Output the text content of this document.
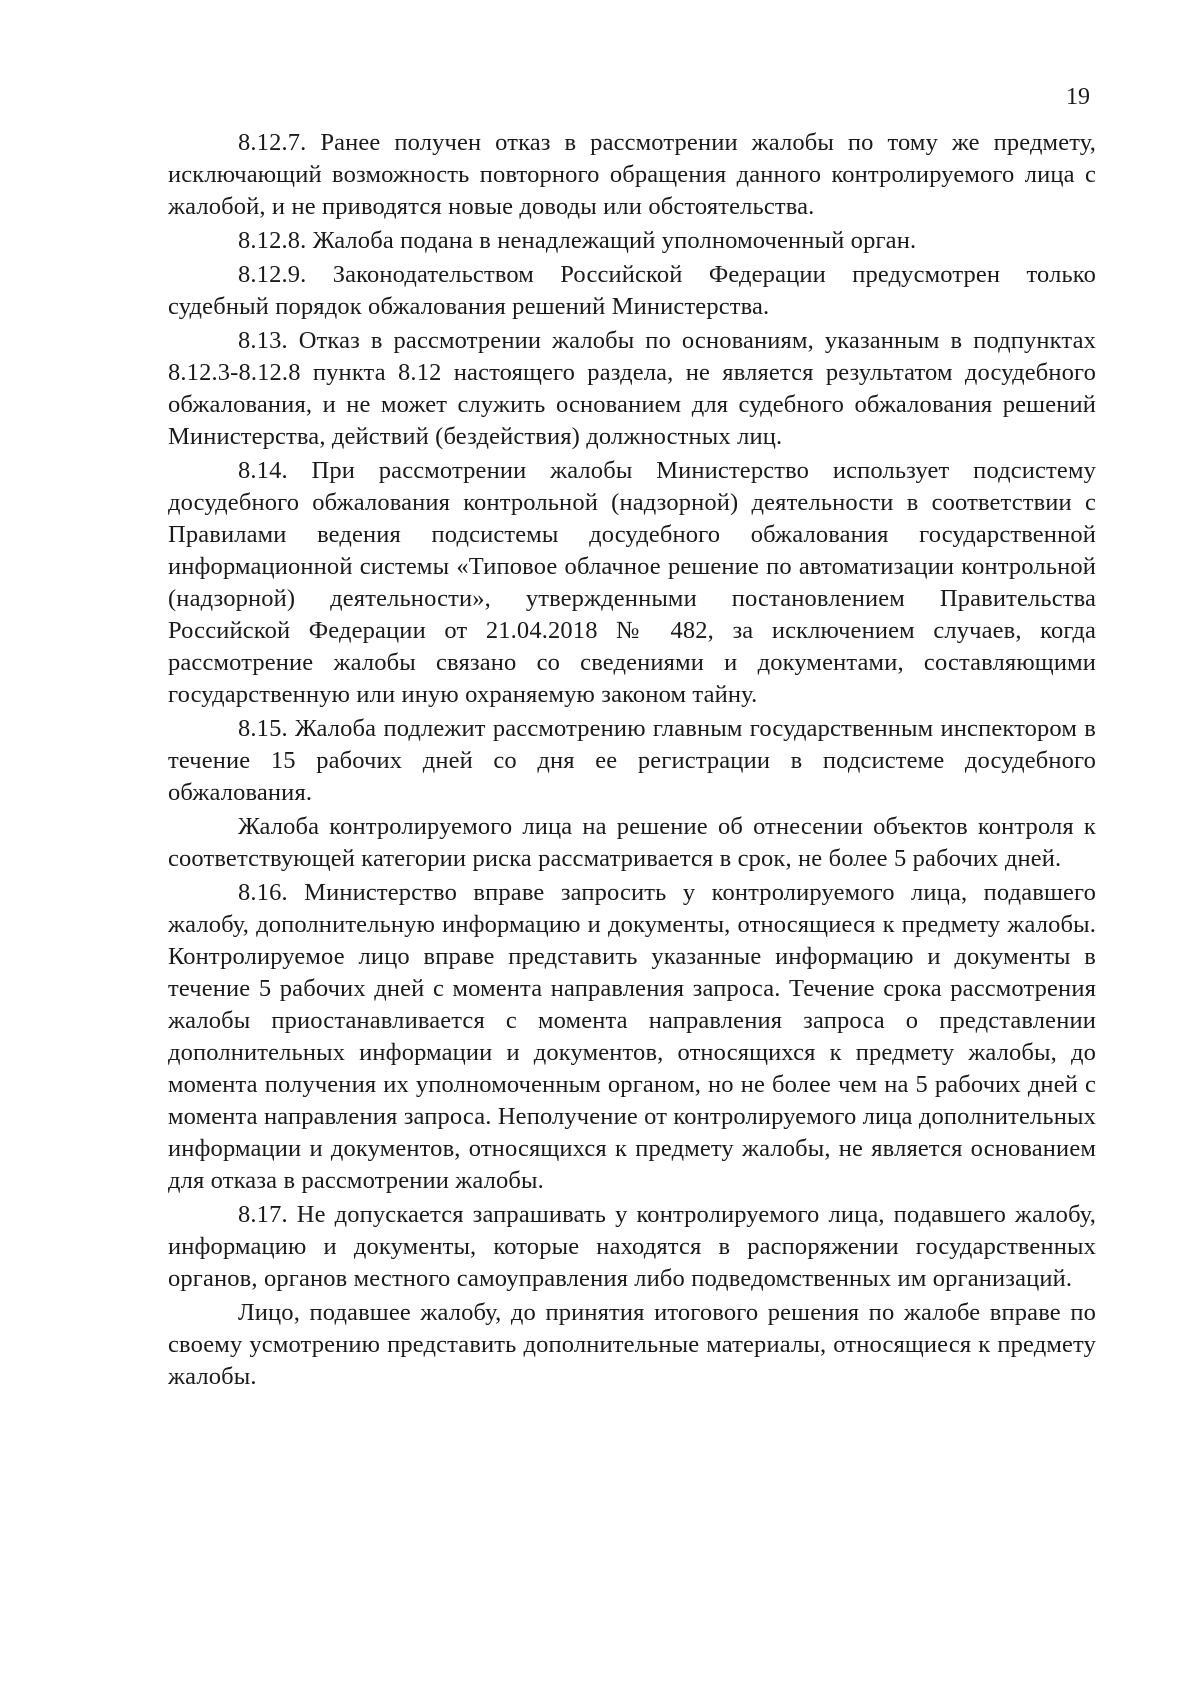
19

8.12.7. Ранее получен отказ в рассмотрении жалобы по тому же предмету, исключающий возможность повторного обращения данного контролируемого лица с жалобой, и не приводятся новые доводы или обстоятельства.

8.12.8. Жалоба подана в ненадлежащий уполномоченный орган.

8.12.9. Законодательством Российской Федерации предусмотрен только судебный порядок обжалования решений Министерства.

8.13. Отказ в рассмотрении жалобы по основаниям, указанным в подпунктах 8.12.3-8.12.8 пункта 8.12 настоящего раздела, не является результатом досудебного обжалования, и не может служить основанием для судебного обжалования решений Министерства, действий (бездействия) должностных лиц.

8.14. При рассмотрении жалобы Министерство использует подсистему досудебного обжалования контрольной (надзорной) деятельности в соответствии с Правилами ведения подсистемы досудебного обжалования государственной информационной системы «Типовое облачное решение по автоматизации контрольной (надзорной) деятельности», утвержденными постановлением Правительства Российской Федерации от 21.04.2018 № 482, за исключением случаев, когда рассмотрение жалобы связано со сведениями и документами, составляющими государственную или иную охраняемую законом тайну.

8.15. Жалоба подлежит рассмотрению главным государственным инспектором в течение 15 рабочих дней со дня ее регистрации в подсистеме досудебного обжалования.

Жалоба контролируемого лица на решение об отнесении объектов контроля к соответствующей категории риска рассматривается в срок, не более 5 рабочих дней.

8.16. Министерство вправе запросить у контролируемого лица, подавшего жалобу, дополнительную информацию и документы, относящиеся к предмету жалобы. Контролируемое лицо вправе представить указанные информацию и документы в течение 5 рабочих дней с момента направления запроса. Течение срока рассмотрения жалобы приостанавливается с момента направления запроса о представлении дополнительных информации и документов, относящихся к предмету жалобы, до момента получения их уполномоченным органом, но не более чем на 5 рабочих дней с момента направления запроса. Неполучение от контролируемого лица дополнительных информации и документов, относящихся к предмету жалобы, не является основанием для отказа в рассмотрении жалобы.

8.17. Не допускается запрашивать у контролируемого лица, подавшего жалобу, информацию и документы, которые находятся в распоряжении государственных органов, органов местного самоуправления либо подведомственных им организаций.

Лицо, подавшее жалобу, до принятия итогового решения по жалобе вправе по своему усмотрению представить дополнительные материалы, относящиеся к предмету жалобы.
